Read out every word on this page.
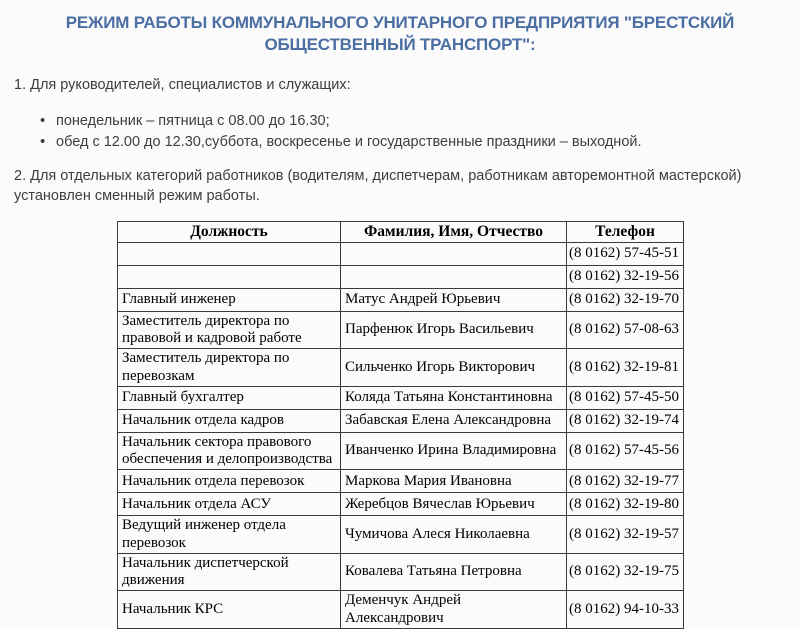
РЕЖИМ РАБОТЫ КОММУНАЛЬНОГО УНИТАРНОГО ПРЕДПРИЯТИЯ "БРЕСТСКИЙ
ОБЩЕСТВЕННЫЙ ТРАНСПОРТ":

1. Для руководителей, специалистов и служащих:

• понедельник – пятница с 08.00 до 16.30;
• обед с 12.00 до 12.30,суббота, воскресенье и государственные праздники – выходной.

2. Для отдельных категорий работников (водителям, диспетчерам, работникам авторемонтной мастерской) установлен сменный режим работы.

Должность	Фамилия, Имя, Отчество	Телефон
		(8 0162) 57-45-51
		(8 0162) 32-19-56
Главный инженер	Матус Андрей Юрьевич	(8 0162) 32-19-70
Заместитель директора по правовой и кадровой работе	Парфенюк Игорь Васильевич	(8 0162) 57-08-63
Заместитель директора по перевозкам	Сильченко Игорь Викторович	(8 0162) 32-19-81
Главный бухгалтер	Коляда Татьяна Константиновна	(8 0162) 57-45-50
Начальник отдела кадров	Забавская Елена Александровна	(8 0162) 32-19-74
Начальник сектора правового обеспечения и делопроизводства	Иванченко Ирина Владимировна	(8 0162) 57-45-56
Начальник отдела перевозок	Маркова Мария Ивановна	(8 0162) 32-19-77
Начальник отдела АСУ	Жеребцов Вячеслав Юрьевич	(8 0162) 32-19-80
Ведущий инженер отдела перевозок	Чумичова Алеся Николаевна	(8 0162) 32-19-57
Начальник диспетчерской движения	Ковалева Татьяна Петровна	(8 0162) 32-19-75
Начальник КРС	Деменчук Андрей Александрович	(8 0162) 94-10-33
